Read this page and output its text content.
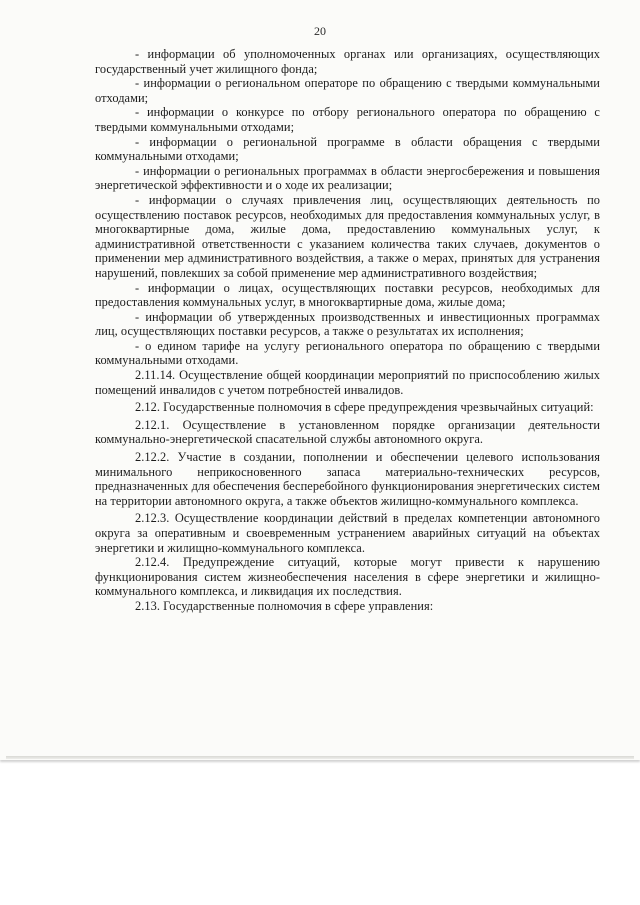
20

- информации об уполномоченных органах или организациях, осуществляющих государственный учет жилищного фонда;

- информации о региональном операторе по обращению с твердыми коммунальными отходами;

- информации о конкурсе по отбору регионального оператора по обращению с твердыми коммунальными отходами;

- информации о региональной программе в области обращения с твердыми коммунальными отходами;

- информации о региональных программах в области энергосбережения и повышения энергетической эффективности и о ходе их реализации;

- информации о случаях привлечения лиц, осуществляющих деятельность по осуществлению поставок ресурсов, необходимых для предоставления коммунальных услуг, в многоквартирные дома, жилые дома, предоставлению коммунальных услуг, к административной ответственности с указанием количества таких случаев, документов о применении мер административного воздействия, а также о мерах, принятых для устранения нарушений, повлекших за собой применение мер административного воздействия;

- информации о лицах, осуществляющих поставки ресурсов, необходимых для предоставления коммунальных услуг, в многоквартирные дома, жилые дома;

- информации об утвержденных производственных и инвестиционных программах лиц, осуществляющих поставки ресурсов, а также о результатах их исполнения;

- о едином тарифе на услугу регионального оператора по обращению с твердыми коммунальными отходами.

2.11.14. Осуществление общей координации мероприятий по приспособлению жилых помещений инвалидов с учетом потребностей инвалидов.

2.12. Государственные полномочия в сфере предупреждения чрезвычайных ситуаций:

2.12.1. Осуществление в установленном порядке организации деятельности коммунально-энергетической спасательной службы автономного округа.

2.12.2. Участие в создании, пополнении и обеспечении целевого использования минимального неприкосновенного запаса материально-технических ресурсов, предназначенных для обеспечения бесперебойного функционирования энергетических систем на территории автономного округа, а также объектов жилищно-коммунального комплекса.

2.12.3. Осуществление координации действий в пределах компетенции автономного округа за оперативным и своевременным устранением аварийных ситуаций на объектах энергетики и жилищно-коммунального комплекса.

2.12.4. Предупреждение ситуаций, которые могут привести к нарушению функционирования систем жизнеобеспечения населения в сфере энергетики и жилищно-коммунального комплекса, и ликвидация их последствия.

2.13. Государственные полномочия в сфере управления:
